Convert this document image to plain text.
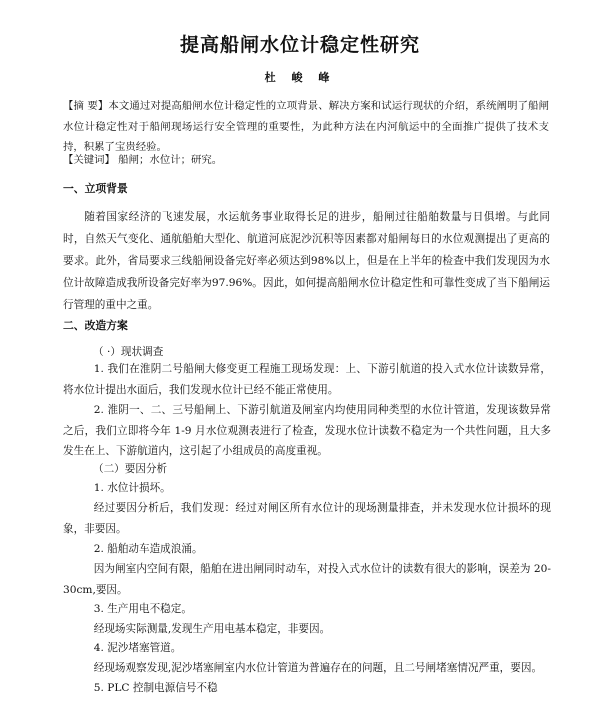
提高船闸水位计稳定性研究
杜 峻 峰
【摘 要】本文通过对提高船闸水位计稳定性的立项背景、解决方案和试运行现状的介绍，系统阐明了船闸水位计稳定性对于船闸现场运行安全管理的重要性，为此种方法在内河航运中的全面推广提供了技术支持，积累了宝贵经验。
【关键词】 船闸；水位计；研究。
一、立项背景
随着国家经济的飞速发展，水运航务事业取得长足的进步，船闸过往船舶数量与日俱增。与此同时，自然天气变化、通航船舶大型化、航道河底泥沙沉积等因素都对船闸每日的水位观测提出了更高的要求。此外，省局要求三线船闸设备完好率必须达到98%以上，但是在上半年的检查中我们发现因为水位计故障造成我所设备完好率为97.96%。因此，如何提高船闸水位计稳定性和可靠性变成了当下船闸运行管理的重中之重。
二、改造方案
（ ·）现状调查
1. 我们在淮阴二号船闸大修变更工程施工现场发现：上、下游引航道的投入式水位计读数异常，将水位计提出水面后，我们发现水位计已经不能正常使用。
2. 淮阴一、二、三号船闸上、下游引航道及闸室内均使用同种类型的水位计管道，发现该数异常之后，我们立即将今年 1-9 月水位观测表进行了检查，发现水位计读数不稳定为一个共性问题，且大多发生在上、下游航道内，这引起了小组成员的高度重视。
（二）要因分析
1. 水位计损坏。
经过要因分析后，我们发现：经过对闸区所有水位计的现场测量排查，并未发现水位计损坏的现象，非要因。
2. 船舶动车造成浪涌。
因为闸室内空间有限，船舶在进出闸同时动车，对投入式水位计的读数有很大的影响，误差为 20-30cm,要因。
3. 生产用电不稳定。
经现场实际测量,发现生产用电基本稳定，非要因。
4. 泥沙堵塞管道。
经现场观察发现,泥沙堵塞闸室内水位计管道为普遍存在的问题，且二号闸堵塞情况严重，要因。
5. PLC 控制电源信号不稳
